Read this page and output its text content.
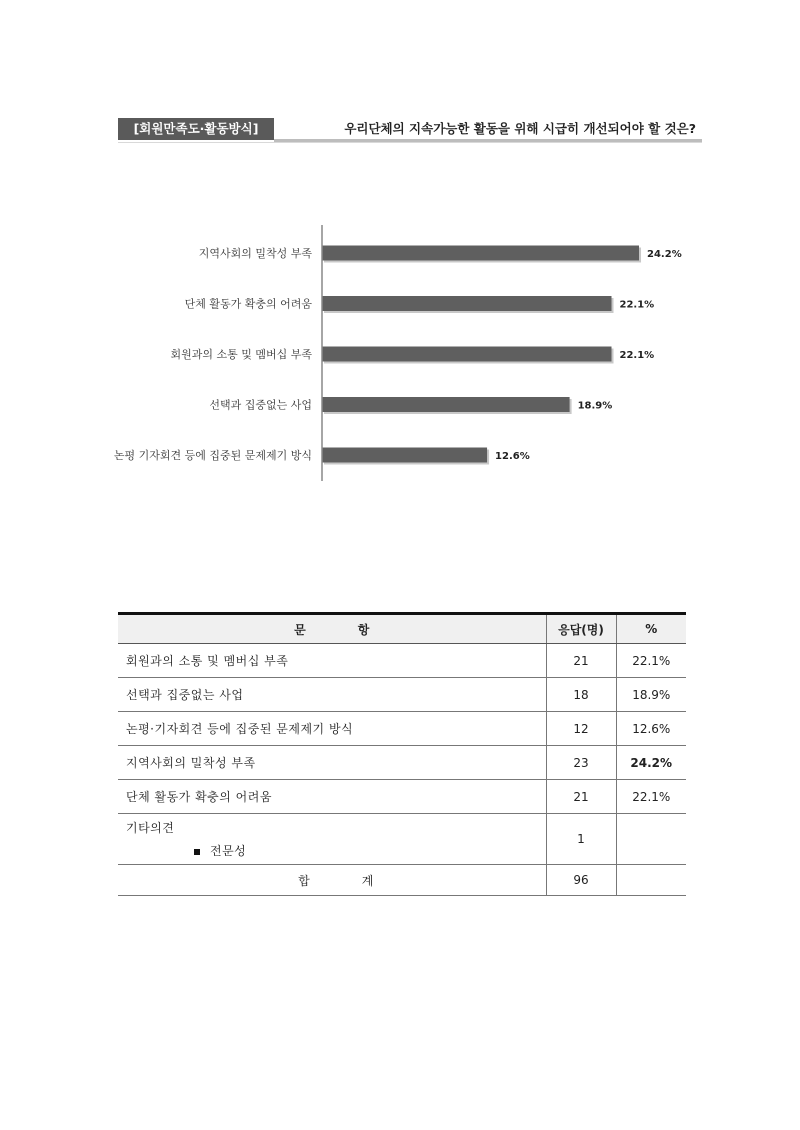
[회원만족도·활동방식]	우리단체의 지속가능한 활동을 위해 시급히 개선되어야 할 것은?
지역사회의 밀착성 부족	24.2%
단체 활동가 확충의 어려움	22.1%
회원과의 소통 및 멤버십 부족	22.1%
선택과 집중없는 사업	18.9%
논평 기자회견 등에 집중된 문제제기 방식	12.6%
문 항	응답(명)	%
회원과의 소통 및 멤버십 부족	21	22.1%
선택과 집중없는 사업	18	18.9%
논평·기자회견 등에 집중된 문제제기 방식	12	12.6%
지역사회의 밀착성 부족	23	24.2%
단체 활동가 확충의 어려움	21	22.1%

기타의견
전문성	1	
합 계	96	
